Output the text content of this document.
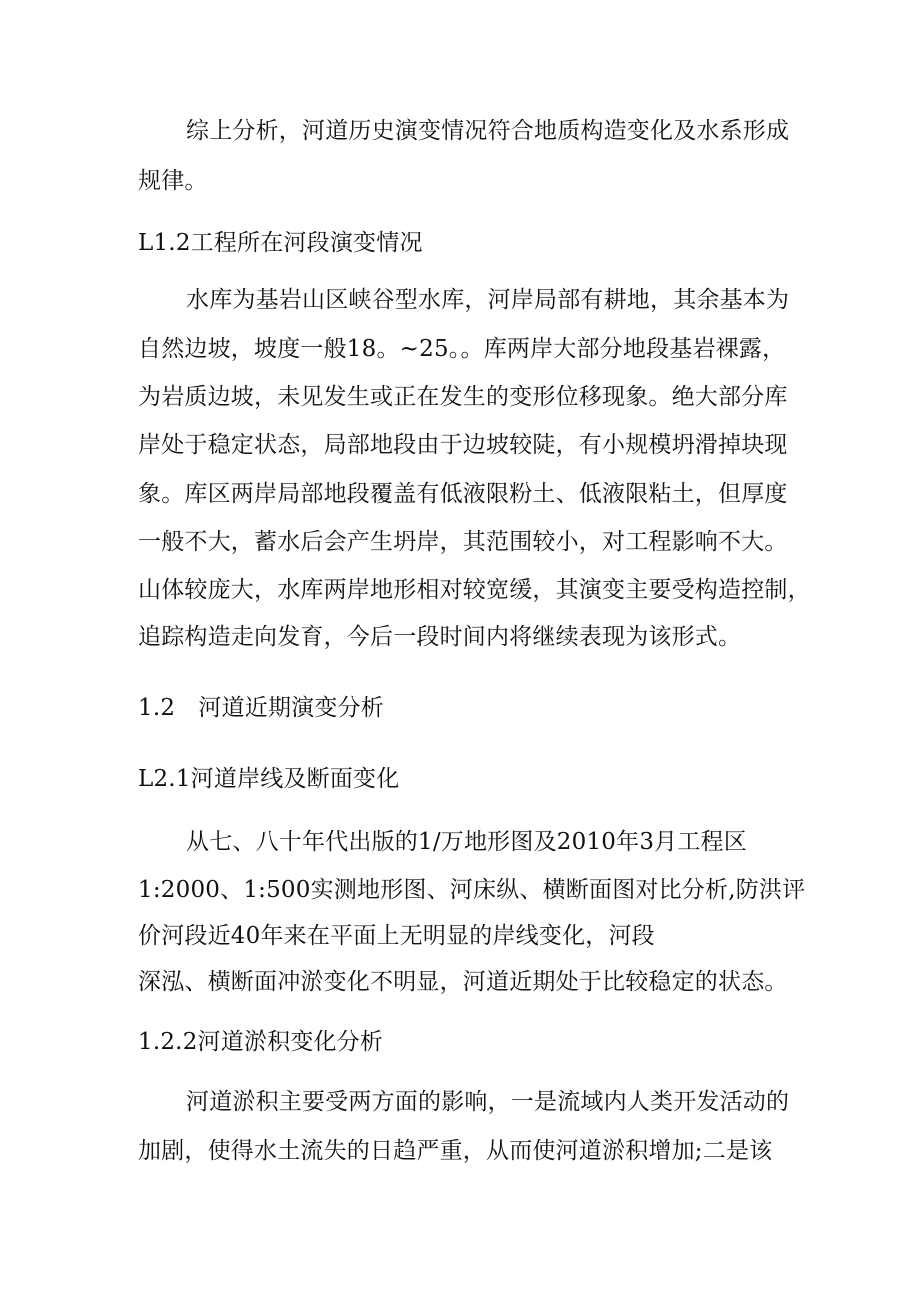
综上分析，河道历史演变情况符合地质构造变化及水系形成
规律。
L1.2工程所在河段演变情况
水库为基岩山区峡谷型水库，河岸局部有耕地，其余基本为
自然边坡，坡度一般18。~25。。库两岸大部分地段基岩裸露，
为岩质边坡，未见发生或正在发生的变形位移现象。绝大部分库
岸处于稳定状态，局部地段由于边坡较陡，有小规模坍滑掉块现
象。库区两岸局部地段覆盖有低液限粉土、低液限粘土，但厚度
一般不大，蓄水后会产生坍岸，其范围较小，对工程影响不大。
山体较庞大，水库两岸地形相对较宽缓，其演变主要受构造控制，
追踪构造走向发育，今后一段时间内将继续表现为该形式。
1.2　河道近期演变分析
L2.1河道岸线及断面变化
从七、八十年代出版的1/万地形图及2010年3月工程区
1:2000、1:500实测地形图、河床纵、横断面图对比分析,防洪评
价河段近40年来在平面上无明显的岸线变化，河段
深泓、横断面冲淤变化不明显，河道近期处于比较稳定的状态。
1.2.2河道淤积变化分析
河道淤积主要受两方面的影响，一是流域内人类开发活动的
加剧，使得水土流失的日趋严重，从而使河道淤积增加;二是该
